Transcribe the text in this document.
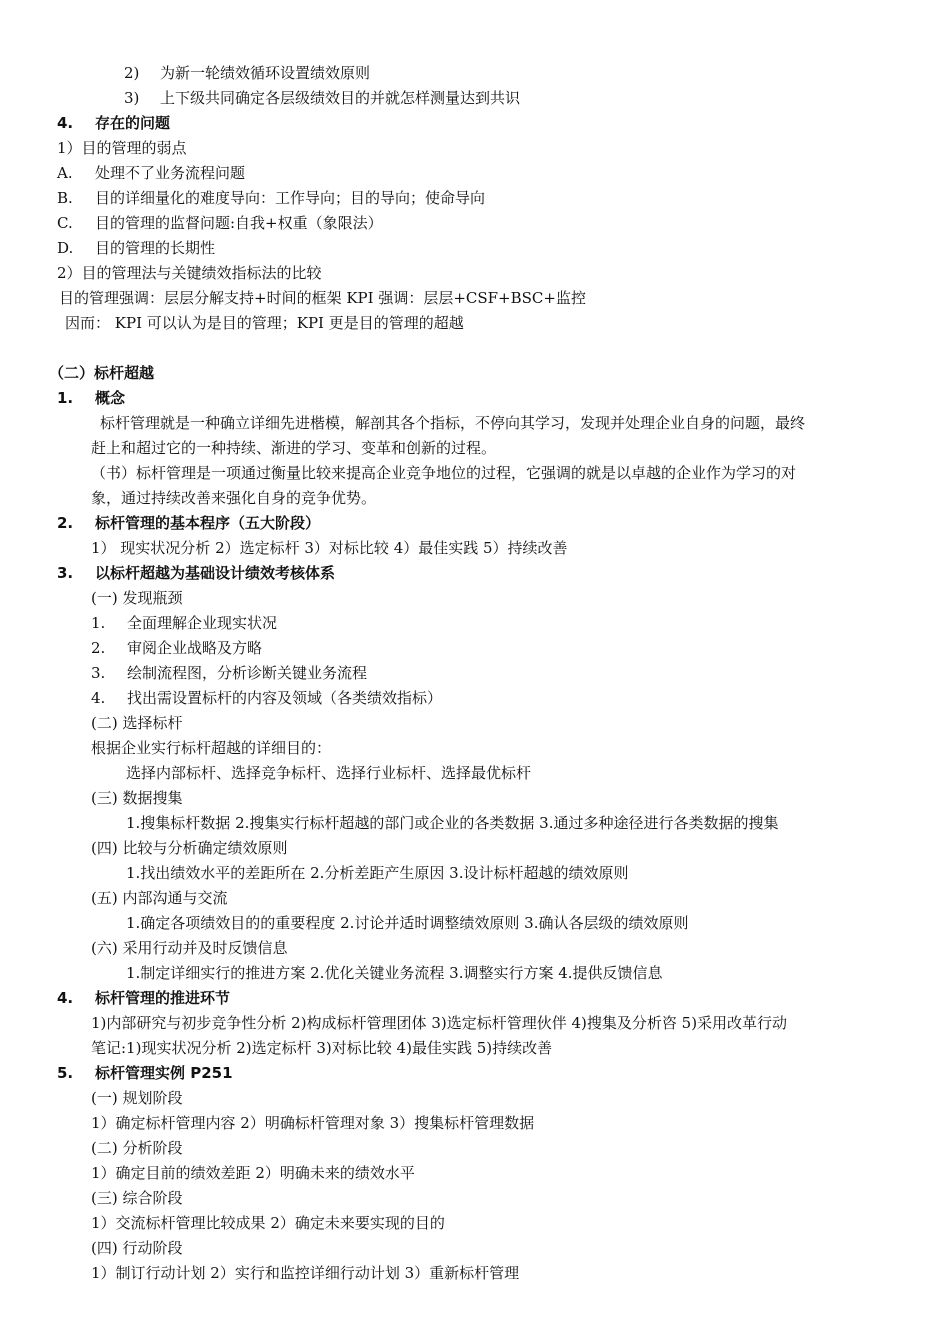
2) 为新一轮绩效循环设置绩效原则
3) 上下级共同确定各层级绩效目的并就怎样测量达到共识
4. 存在的问题
1）目的管理的弱点
A. 处理不了业务流程问题
B. 目的详细量化的难度导向：工作导向；目的导向；使命导向
C. 目的管理的监督问题:自我+权重（象限法）
D. 目的管理的长期性
2）目的管理法与关键绩效指标法的比较
目的管理强调：层层分解支持+时间的框架 KPI 强调：层层+CSF+BSC+监控
因而： KPI 可以认为是目的管理；KPI 更是目的管理的超越
（二）标杆超越
1. 概念
标杆管理就是一种确立详细先进楷模，解剖其各个指标，不停向其学习，发现并处理企业自身的问题，最终
赶上和超过它的一种持续、渐进的学习、变革和创新的过程。
（书）标杆管理是一项通过衡量比较来提高企业竞争地位的过程，它强调的就是以卓越的企业作为学习的对
象，通过持续改善来强化自身的竞争优势。
2. 标杆管理的基本程序（五大阶段）
1） 现实状况分析 2）选定标杆 3）对标比较 4）最佳实践 5）持续改善
3. 以标杆超越为基础设计绩效考核体系
(一) 发现瓶颈
1. 全面理解企业现实状况
2. 审阅企业战略及方略
3. 绘制流程图，分析诊断关键业务流程
4. 找出需设置标杆的内容及领域（各类绩效指标）
(二) 选择标杆
根据企业实行标杆超越的详细目的：
选择内部标杆、选择竞争标杆、选择行业标杆、选择最优标杆
(三) 数据搜集
1.搜集标杆数据 2.搜集实行标杆超越的部门或企业的各类数据 3.通过多种途径进行各类数据的搜集
(四) 比较与分析确定绩效原则
1.找出绩效水平的差距所在 2.分析差距产生原因 3.设计标杆超越的绩效原则
(五) 内部沟通与交流
1.确定各项绩效目的的重要程度 2.讨论并适时调整绩效原则 3.确认各层级的绩效原则
(六) 采用行动并及时反馈信息
1.制定详细实行的推进方案 2.优化关键业务流程 3.调整实行方案 4.提供反馈信息
4. 标杆管理的推进环节
1)内部研究与初步竞争性分析 2)构成标杆管理团体 3)选定标杆管理伙伴 4)搜集及分析咨 5)采用改革行动
笔记:1)现实状况分析 2)选定标杆 3)对标比较 4)最佳实践 5)持续改善
5. 标杆管理实例 P251
(一) 规划阶段
1）确定标杆管理内容 2）明确标杆管理对象 3）搜集标杆管理数据
(二) 分析阶段
1）确定目前的绩效差距 2）明确未来的绩效水平
(三) 综合阶段
1）交流标杆管理比较成果 2）确定未来要实现的目的
(四) 行动阶段
1）制订行动计划 2）实行和监控详细行动计划 3）重新标杆管理
